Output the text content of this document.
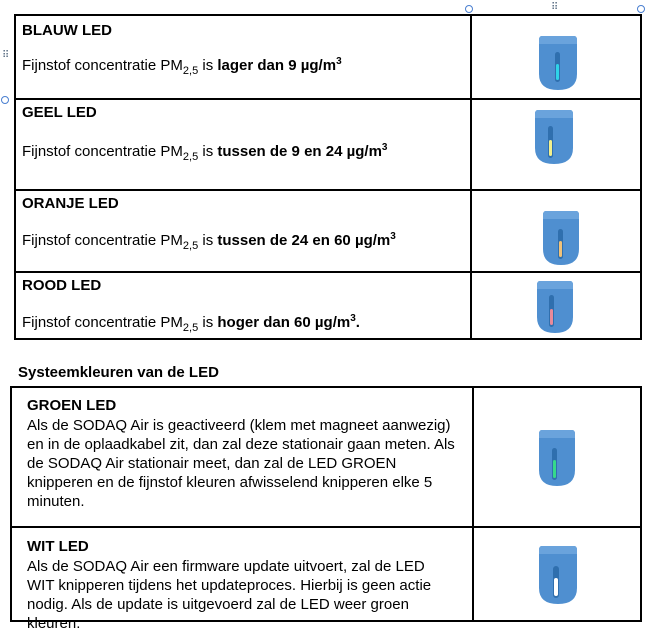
⠿
⠿
BLAUW LED
Fijnstof concentratie $PM_{2,5}$ is lager dan 9 $\mu g/m^3$
GEEL LED
Fijnstof concentratie $PM_{2,5}$ is tussen de 9 en 24 $\mu g/m^3$
ORANJE LED
Fijnstof concentratie $PM_{2,5}$ is tussen de 24 en 60 $\mu g/m^3$
ROOD LED
Fijnstof concentratie $PM_{2,5}$ is hoger dan 60 $\mu g/m^3$.
Systeemkleuren van de LED
GROEN LED
Als de SODAQ Air is geactiveerd (klem met magneet aanwezig) en in de oplaadkabel zit, dan zal deze stationair gaan meten. Als de SODAQ Air stationair meet, dan zal de LED GROEN knipperen en de fijnstof kleuren afwisselend knipperen elke 5 minuten.
WIT LED
Als de SODAQ Air een firmware update uitvoert, zal de LED WIT knipperen tijdens het updateproces. Hierbij is geen actie nodig. Als de update is uitgevoerd zal de LED weer groen kleuren.
